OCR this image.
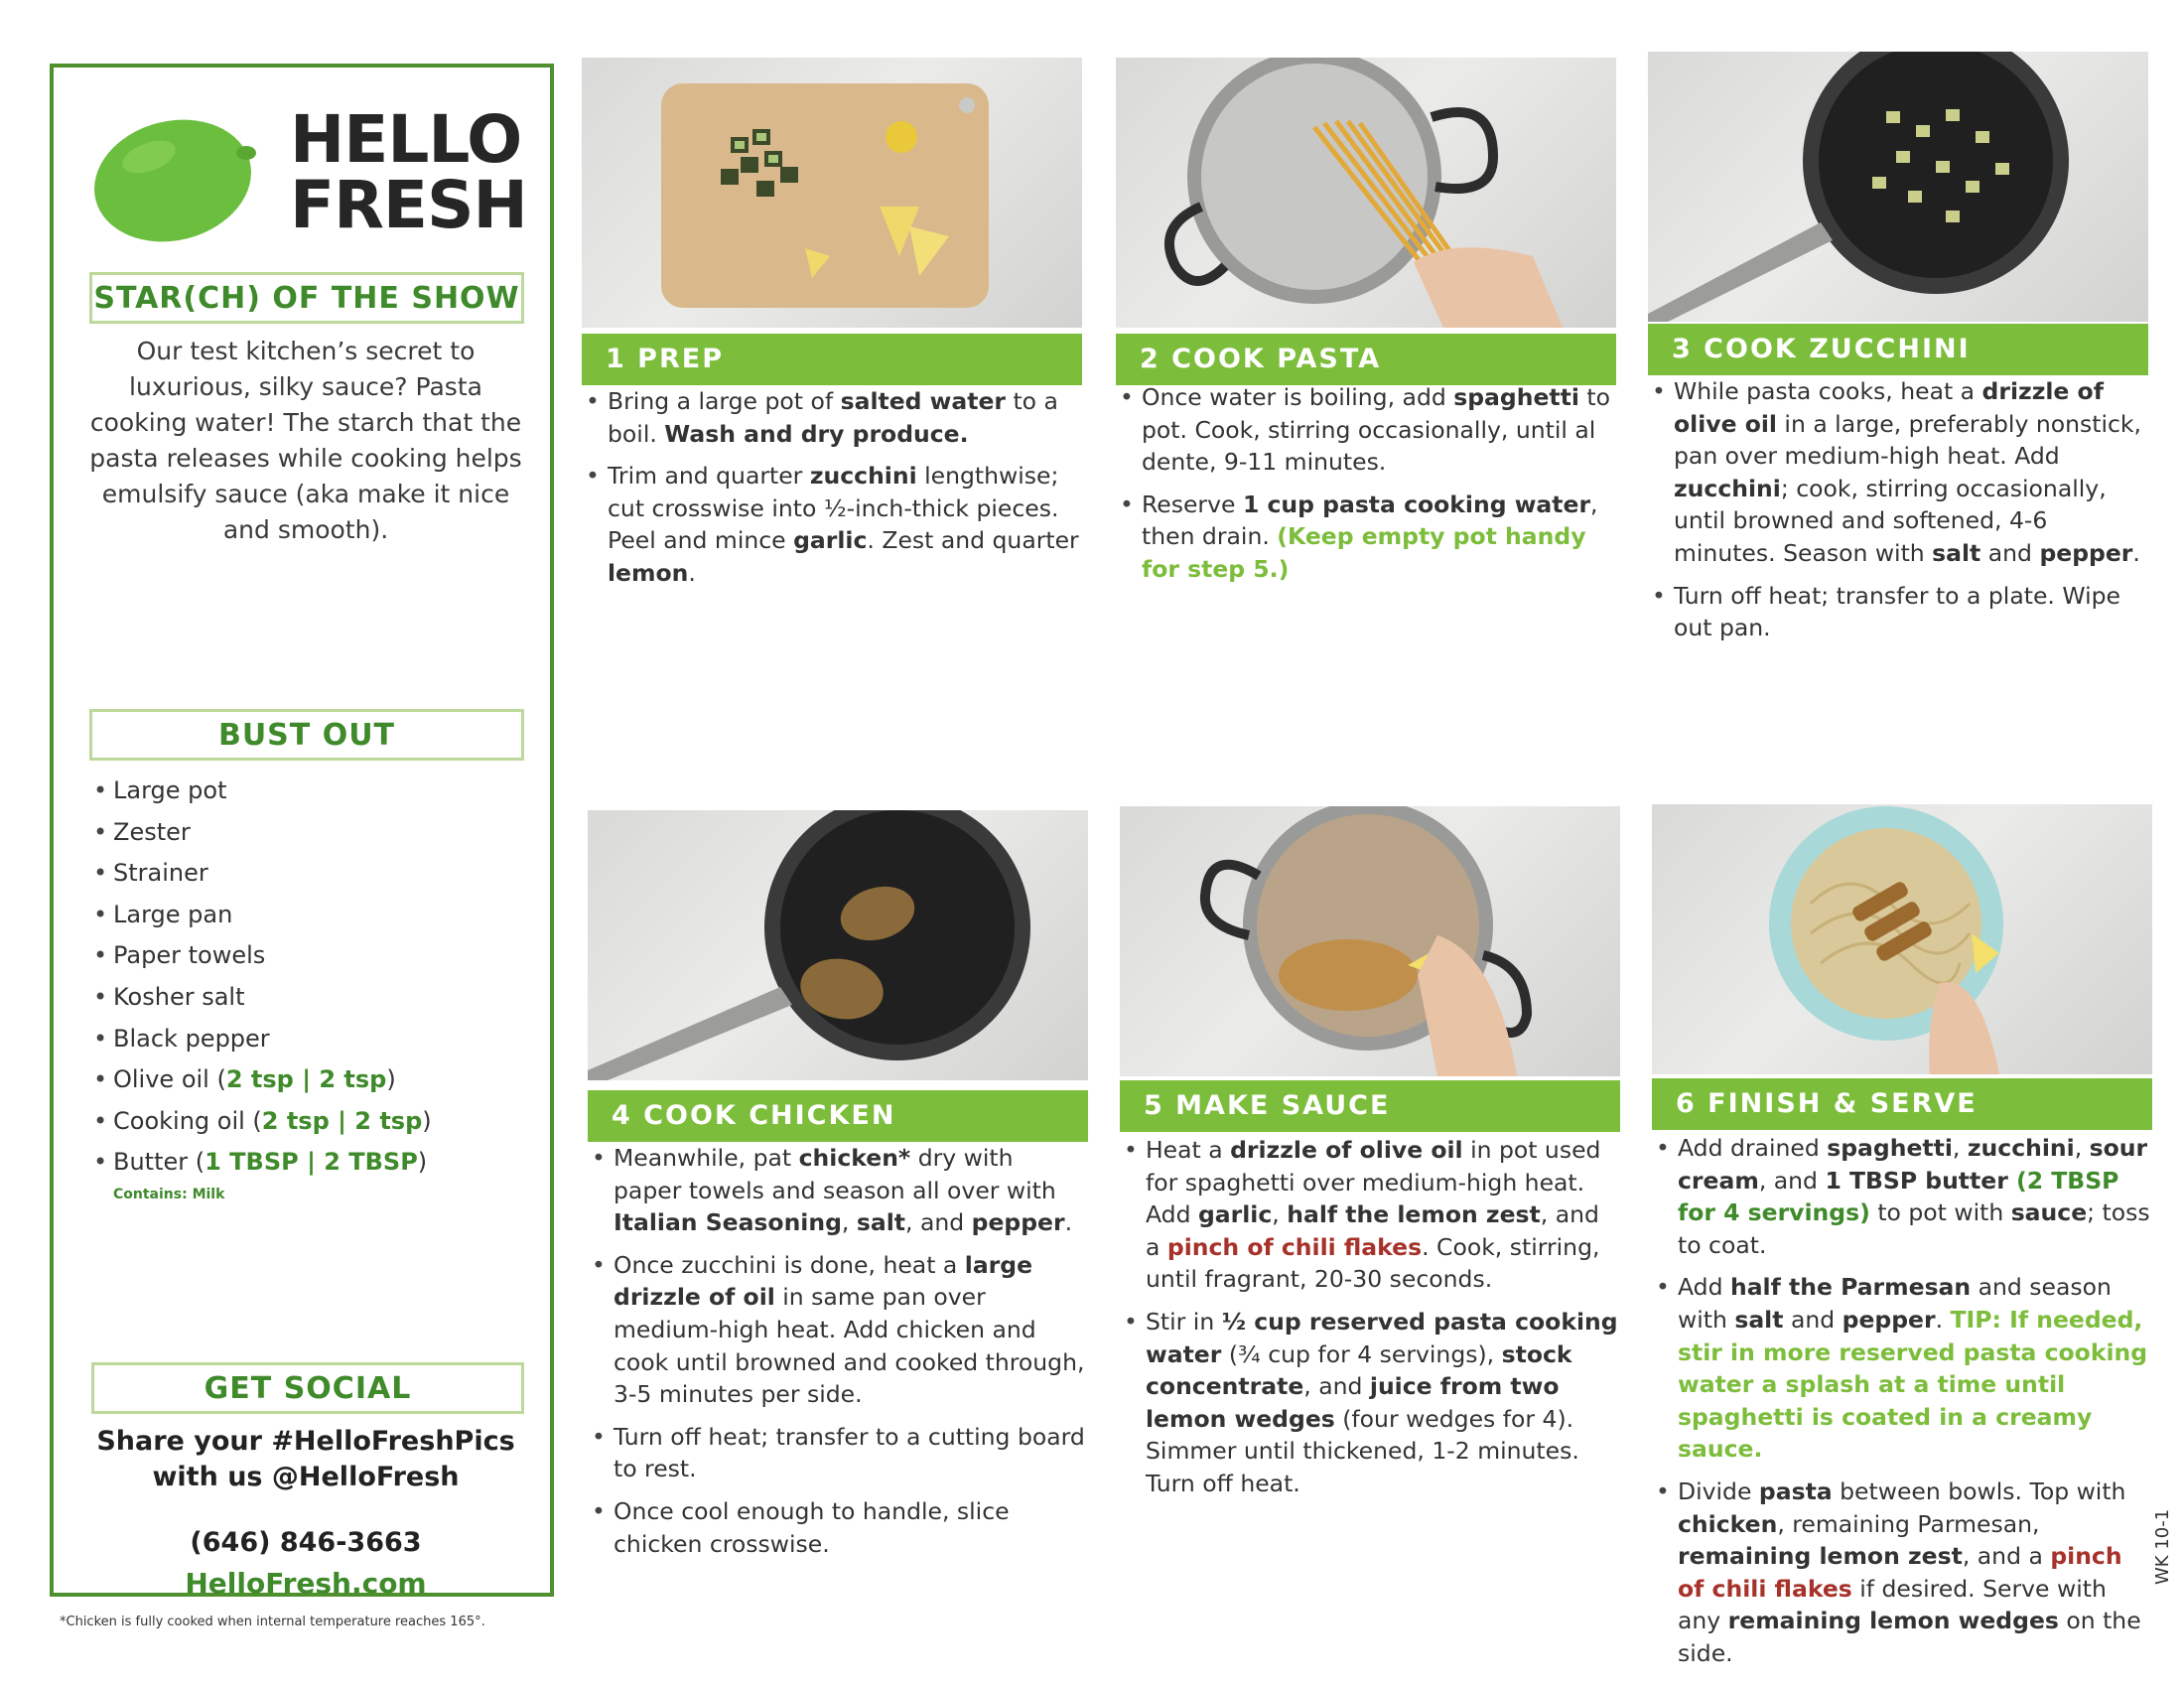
HELLO
FRESH
STAR(CH) OF THE SHOW
Our test kitchen’s secret to luxurious, silky sauce? Pasta cooking water! The starch that the pasta releases while cooking helps emulsify sauce (aka make it nice and smooth).
BUST OUT
• Large pot
• Zester
• Strainer
• Large pan
• Paper towels
• Kosher salt
• Black pepper
• Olive oil (2 tsp | 2 tsp)
• Cooking oil (2 tsp | 2 tsp)
• Butter (1 TBSP | 2 TBSP)
Contains: Milk
GET SOCIAL
Share your #HelloFreshPics
with us @HelloFresh
(646) 846-3663
HelloFresh.com
*Chicken is fully cooked when internal temperature reaches 165°.
1 PREP
• Bring a large pot of salted water to a boil. Wash and dry produce.
• Trim and quarter zucchini lengthwise; cut crosswise into ½-inch-thick pieces. Peel and mince garlic. Zest and quarter lemon.
2 COOK PASTA
• Once water is boiling, add spaghetti to pot. Cook, stirring occasionally, until al dente, 9-11 minutes.
• Reserve 1 cup pasta cooking water, then drain. (Keep empty pot handy for step 5.)
3 COOK ZUCCHINI
• While pasta cooks, heat a drizzle of olive oil in a large, preferably nonstick, pan over medium-high heat. Add zucchini; cook, stirring occasionally, until browned and softened, 4-6 minutes. Season with salt and pepper.
• Turn off heat; transfer to a plate. Wipe out pan.
4 COOK CHICKEN
• Meanwhile, pat chicken* dry with paper towels and season all over with Italian Seasoning, salt, and pepper.
• Once zucchini is done, heat a large drizzle of oil in same pan over medium-high heat. Add chicken and cook until browned and cooked through, 3-5 minutes per side.
• Turn off heat; transfer to a cutting board to rest.
• Once cool enough to handle, slice chicken crosswise.
5 MAKE SAUCE
• Heat a drizzle of olive oil in pot used for spaghetti over medium-high heat. Add garlic, half the lemon zest, and a pinch of chili flakes. Cook, stirring, until fragrant, 20-30 seconds.
• Stir in ½ cup reserved pasta cooking water (¾ cup for 4 servings), stock concentrate, and juice from two lemon wedges (four wedges for 4). Simmer until thickened, 1-2 minutes. Turn off heat.
6 FINISH & SERVE
• Add drained spaghetti, zucchini, sour cream, and 1 TBSP butter (2 TBSP for 4 servings) to pot with sauce; toss to coat.
• Add half the Parmesan and season with salt and pepper. TIP: If needed, stir in more reserved pasta cooking water a splash at a time until spaghetti is coated in a creamy sauce.
• Divide pasta between bowls. Top with chicken, remaining Parmesan, remaining lemon zest, and a pinch of chili flakes if desired. Serve with any remaining lemon wedges on the side.
WK 10-1
